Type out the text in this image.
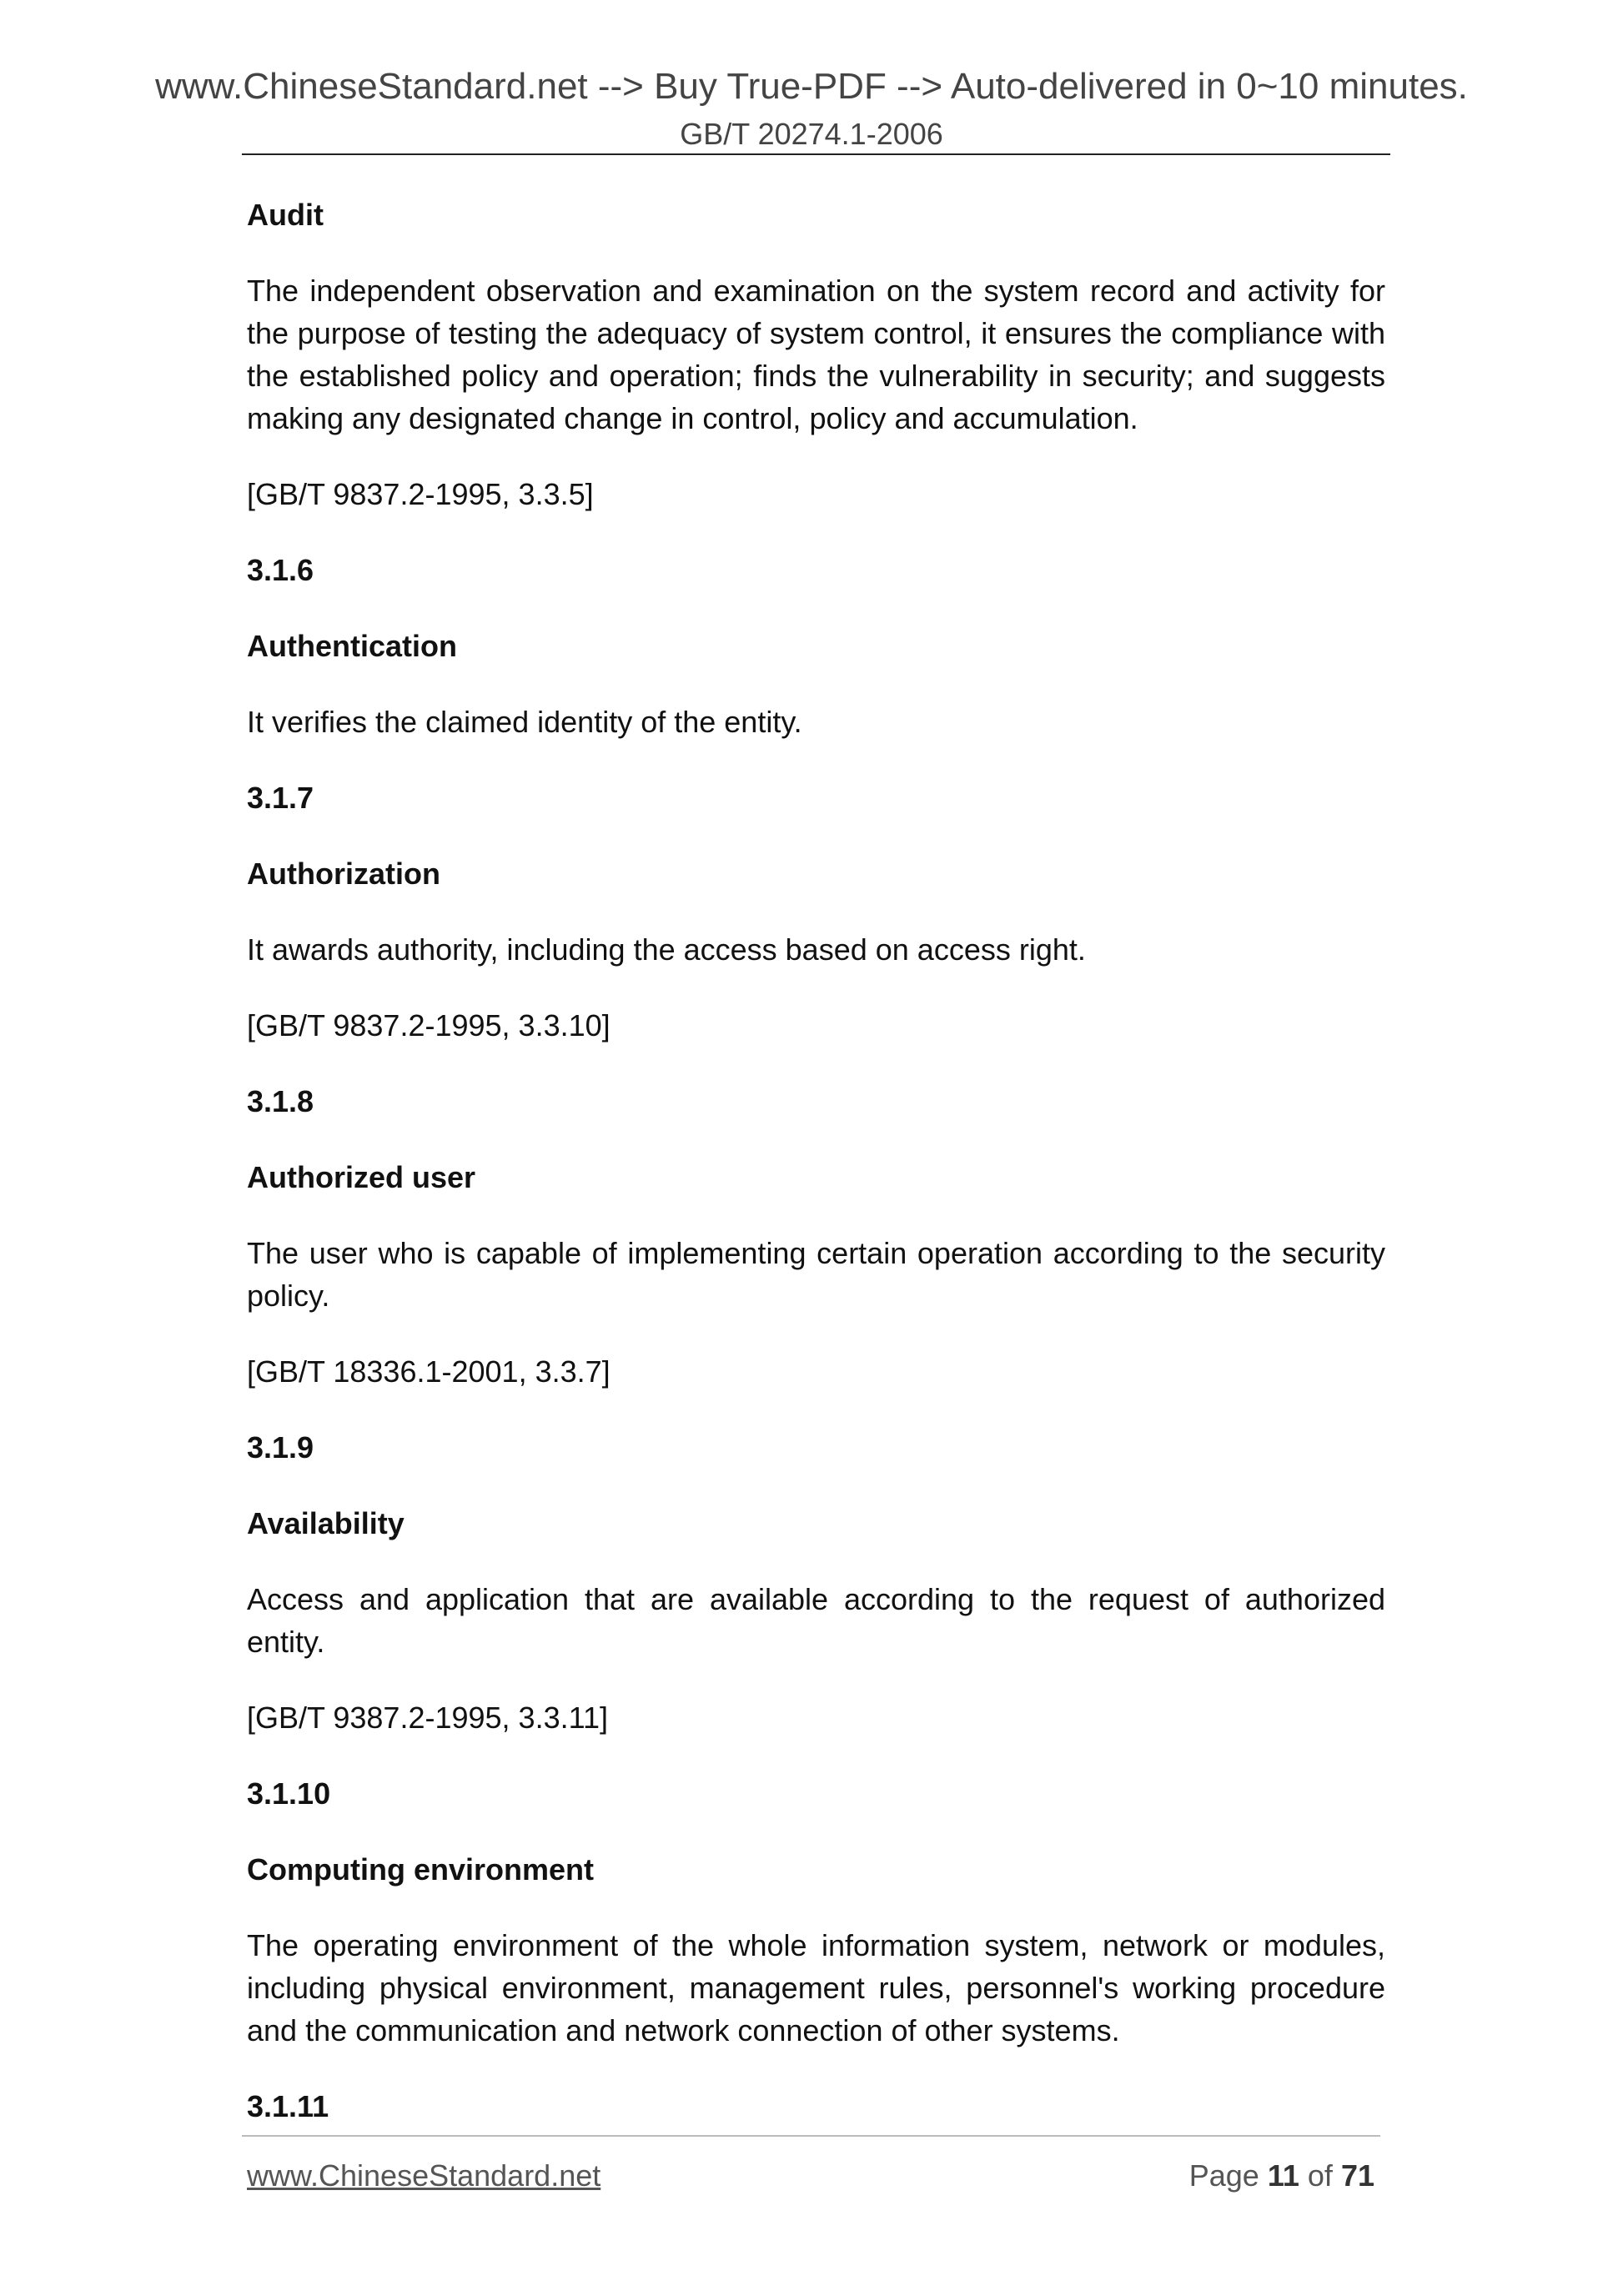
www.ChineseStandard.net --> Buy True-PDF --> Auto-delivered in 0~10 minutes.
GB/T 20274.1-2006

Audit

The independent observation and examination on the system record and activity for the purpose of testing the adequacy of system control, it ensures the compliance with the established policy and operation; finds the vulnerability in security; and suggests making any designated change in control, policy and accumulation.

[GB/T 9837.2-1995, 3.3.5]

3.1.6

Authentication

It verifies the claimed identity of the entity.

3.1.7

Authorization

It awards authority, including the access based on access right.

[GB/T 9837.2-1995, 3.3.10]

3.1.8

Authorized user

The user who is capable of implementing certain operation according to the security policy.

[GB/T 18336.1-2001, 3.3.7]

3.1.9

Availability

Access and application that are available according to the request of authorized entity.

[GB/T 9387.2-1995, 3.3.11]

3.1.10

Computing environment

The operating environment of the whole information system, network or modules, including physical environment, management rules, personnel's working procedure and the communication and network connection of other systems.

3.1.11

www.ChineseStandard.net	Page 11 of 71
